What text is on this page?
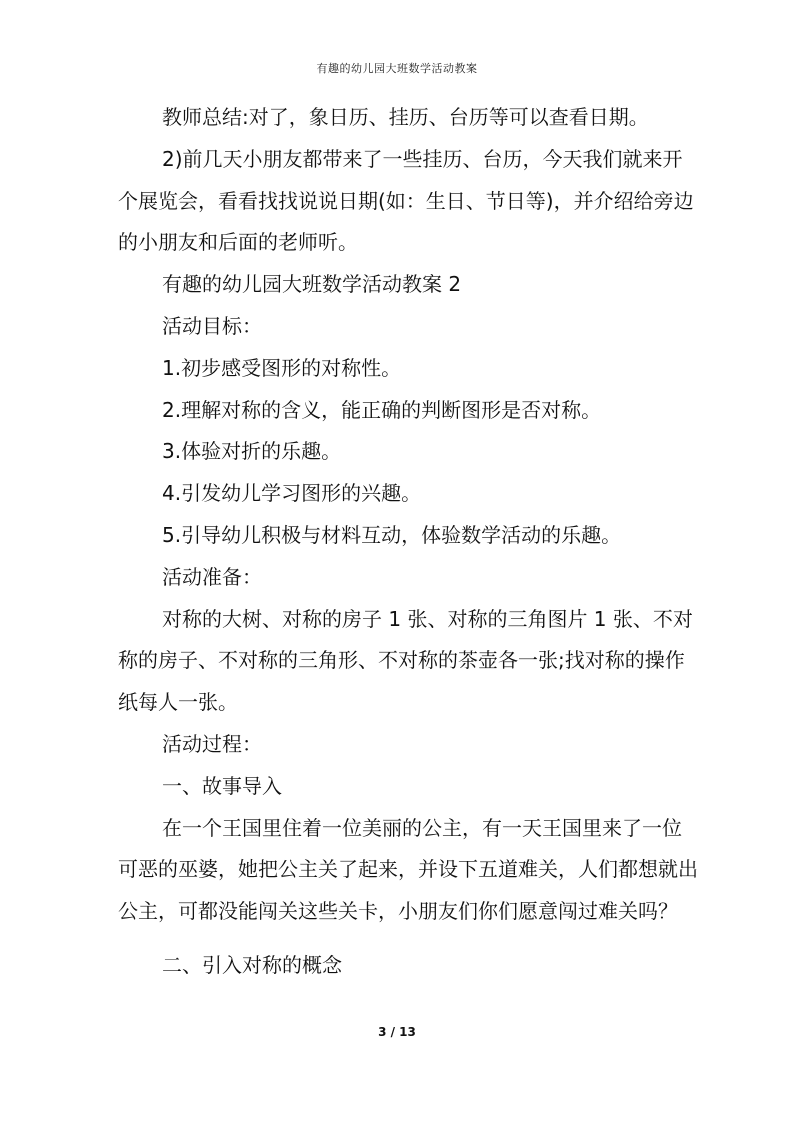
有趣的幼儿园大班数学活动教案

教师总结:对了，象日历、挂历、台历等可以查看日期。

2)前几天小朋友都带来了一些挂历、台历，今天我们就来开个展览会，看看找找说说日期(如：生日、节日等)，并介绍给旁边的小朋友和后面的老师听。

有趣的幼儿园大班数学活动教案 2

活动目标：

1.初步感受图形的对称性。

2.理解对称的含义，能正确的判断图形是否对称。

3.体验对折的乐趣。

4.引发幼儿学习图形的兴趣。

5.引导幼儿积极与材料互动，体验数学活动的乐趣。

活动准备：

对称的大树、对称的房子 1 张、对称的三角图片 1 张、不对称的房子、不对称的三角形、不对称的茶壶各一张;找对称的操作纸每人一张。

活动过程：

一、故事导入

在一个王国里住着一位美丽的公主，有一天王国里来了一位可恶的巫婆，她把公主关了起来，并设下五道难关，人们都想就出公主，可都没能闯关这些关卡，小朋友们你们愿意闯过难关吗？

二、引入对称的概念

3 / 13
